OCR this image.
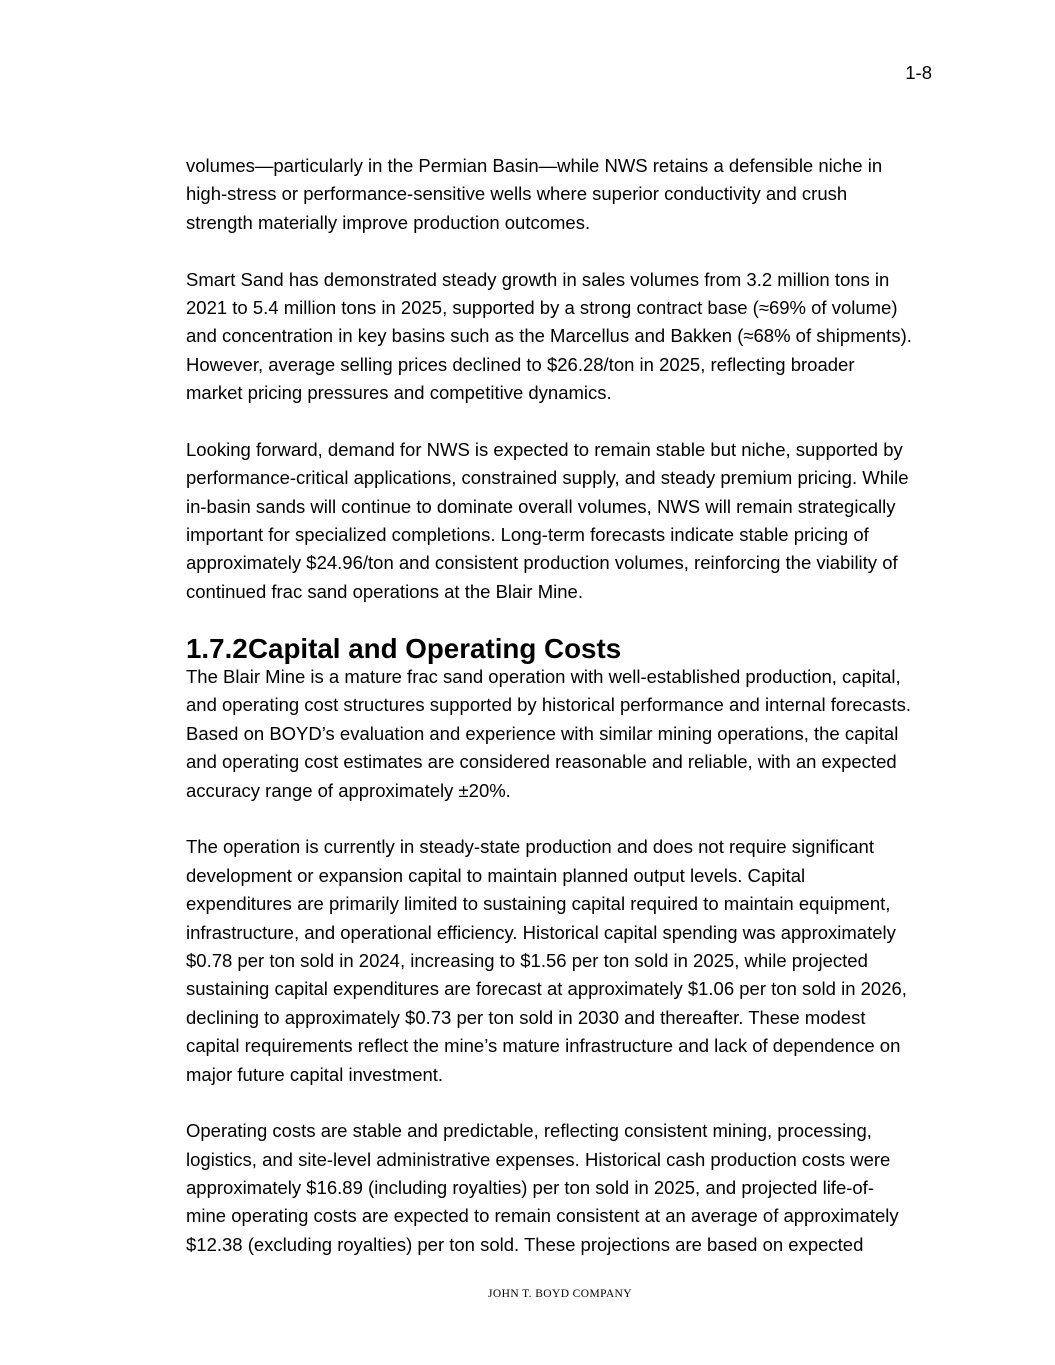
1-8

volumes—particularly in the Permian Basin—while NWS retains a defensible niche in
high-stress or performance-sensitive wells where superior conductivity and crush
strength materially improve production outcomes.

Smart Sand has demonstrated steady growth in sales volumes from 3.2 million tons in
2021 to 5.4 million tons in 2025, supported by a strong contract base (≈69% of volume)
and concentration in key basins such as the Marcellus and Bakken (≈68% of shipments).
However, average selling prices declined to $26.28/ton in 2025, reflecting broader
market pricing pressures and competitive dynamics.

Looking forward, demand for NWS is expected to remain stable but niche, supported by
performance-critical applications, constrained supply, and steady premium pricing. While
in-basin sands will continue to dominate overall volumes, NWS will remain strategically
important for specialized completions. Long-term forecasts indicate stable pricing of
approximately $24.96/ton and consistent production volumes, reinforcing the viability of
continued frac sand operations at the Blair Mine.

1.7.2Capital and Operating Costs

The Blair Mine is a mature frac sand operation with well-established production, capital,
and operating cost structures supported by historical performance and internal forecasts.
Based on BOYD’s evaluation and experience with similar mining operations, the capital
and operating cost estimates are considered reasonable and reliable, with an expected
accuracy range of approximately ±20%.

The operation is currently in steady-state production and does not require significant
development or expansion capital to maintain planned output levels. Capital
expenditures are primarily limited to sustaining capital required to maintain equipment,
infrastructure, and operational efficiency. Historical capital spending was approximately
$0.78 per ton sold in 2024, increasing to $1.56 per ton sold in 2025, while projected
sustaining capital expenditures are forecast at approximately $1.06 per ton sold in 2026,
declining to approximately $0.73 per ton sold in 2030 and thereafter. These modest
capital requirements reflect the mine’s mature infrastructure and lack of dependence on
major future capital investment.

Operating costs are stable and predictable, reflecting consistent mining, processing,
logistics, and site-level administrative expenses. Historical cash production costs were
approximately $16.89 (including royalties) per ton sold in 2025, and projected life-of-
mine operating costs are expected to remain consistent at an average of approximately
$12.38 (excluding royalties) per ton sold. These projections are based on expected

JOHN T. BOYD COMPANY
